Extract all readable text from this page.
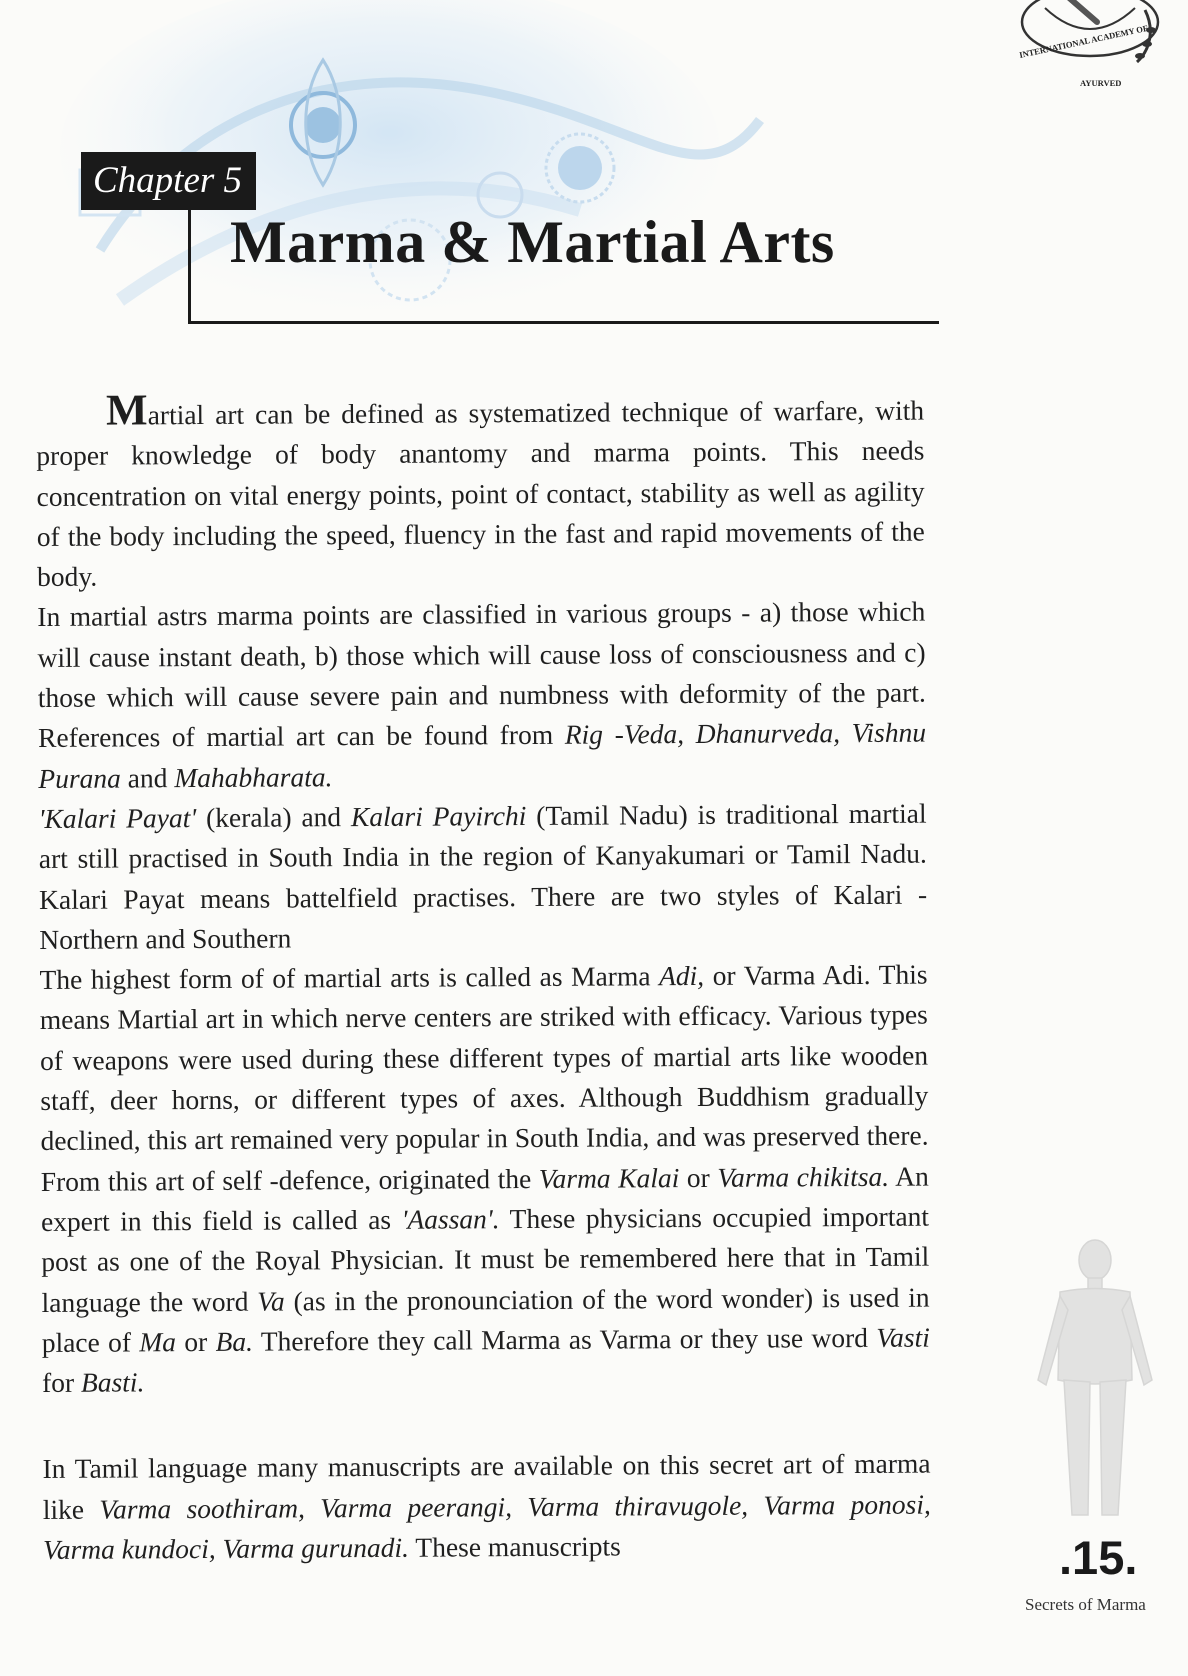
INTERNATIONAL ACADEMY OF
AYURVED
Chapter 5
Marma & Martial Arts

Martial art can be defined as systematized technique of warfare, with proper knowledge of body anantomy and marma points. This needs concentration on vital energy points, point of contact, stability as well as agility of the body including the speed, fluency in the fast and rapid movements of the body.

In martial astrs marma points are classified in various groups - a) those which will cause instant death, b) those which will cause loss of consciousness and c) those which will cause severe pain and numbness with deformity of the part. References of martial art can be found from Rig -Veda, Dhanurveda, Vishnu Purana and Mahabharata.

'Kalari Payat' (kerala) and Kalari Payirchi (Tamil Nadu) is traditional martial art still practised in South India in the region of Kanyakumari or Tamil Nadu. Kalari Payat means battelfield practises. There are two styles of Kalari - Northern and Southern

The highest form of of martial arts is called as Marma Adi, or Varma Adi. This means Martial art in which nerve centers are striked with efficacy. Various types of weapons were used during these different types of martial arts like wooden staff, deer horns, or different types of axes. Although Buddhism gradually declined, this art remained very popular in South India, and was preserved there. From this art of self -defence, originated the Varma Kalai or Varma chikitsa. An expert in this field is called as 'Aassan'. These physicians occupied important post as one of the Royal Physician. It must be remembered here that in Tamil language the word Va (as in the pronounciation of the word wonder) is used in place of Ma or Ba. Therefore they call Marma as Varma or they use word Vasti for Basti.

In Tamil language many manuscripts are available on this secret art of marma like Varma soothiram, Varma peerangi, Varma thiravugole, Varma ponosi, Varma kundoci, Varma gurunadi. These manuscripts	.15.
Secrets of Marma
